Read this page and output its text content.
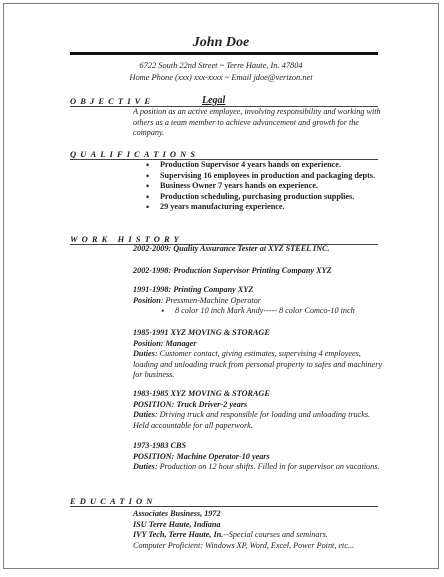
John Doe
6722 South 22nd Street ~ Terre Haute, In. 47804
Home Phone (xxx) xxx-xxxx ~ Email jdoe@verizon.net
OBJECTIVE	Legal
A position as an active employee, involving responsibility and working with others as a team member to achieve advancement and growth for the company.
QUALIFICATIONS
• Production Supervisor 4 years hands on experience.
• Supervising 16 employees in production and packaging depts.
• Business Owner 7 years hands on experience.
• Production scheduling, purchasing production supplies.
• 29 years manufacturing experience.
WORK HISTORY
2002-2009: Quality Assurance Tester at XYZ STEEL INC.
2002-1998: Production Supervisor Printing Company XYZ
1991-1998: Printing Company XYZ
Position: Pressmen-Machine Operator
• 8 color 10 inch Mark Andy----- 8 color Comco-10 inch
1985-1991 XYZ MOVING & STORAGE
Position: Manager
Duties: Customer contact, giving estimates, supervising 4 employees, loading and unloading truck from personal property to safes and machinery for business.
1983-1985 XYZ MOVING & STORAGE
POSITION: Truck Driver-2 years
Duties: Driving truck and responsible for loading and unloading trucks. Held accountable for all paperwork.
1973-1983 CBS
POSITION: Machine Operator-10 years
Duties: Production on 12 hour shifts. Filled in for supervisor on vacations.
EDUCATION
Associates Business, 1972
ISU Terre Haute, Indiana
IVY Tech, Terre Haute, In.--Special courses and seminars.
Computer Proficient: Windows XP, Word, Excel, Power Point, etc...
